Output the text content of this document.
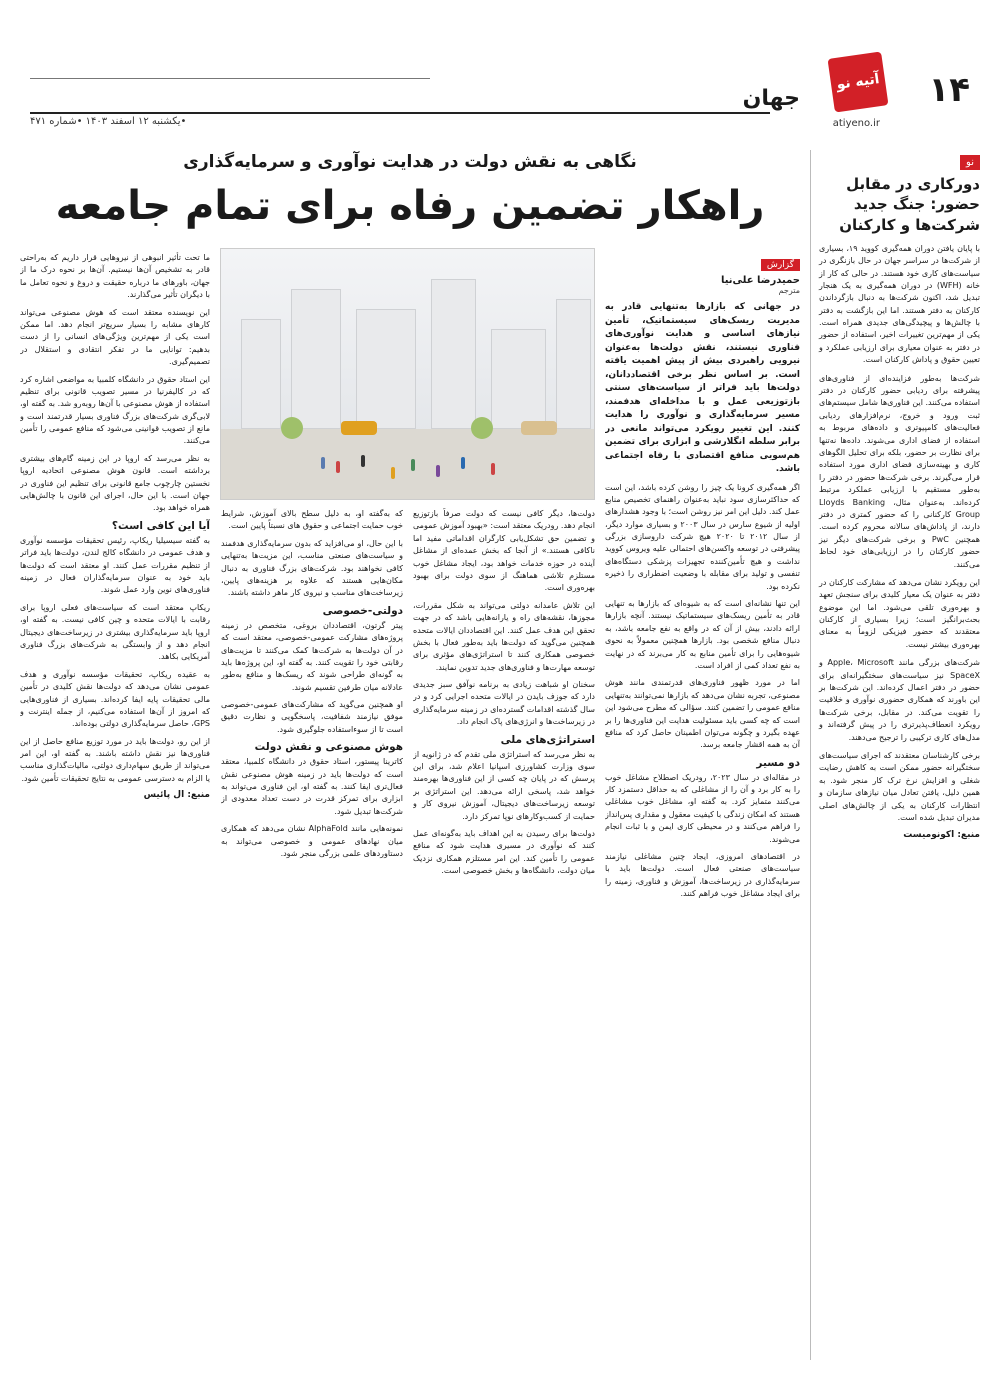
۱۴
آتیه نو
atiyeno.ir
جهان
•یکشنبه ۱۲ اسفند ۱۴۰۳ •شماره ۴۷۱
نو
دورکاری در مقابل حضور: جنگ جدید شرکت‌ها و کارکنان

با پایان یافتن دوران همه‌گیری کووید ۱۹، بسیاری از شرکت‌ها در سراسر جهان در حال بازنگری در سیاست‌های کاری خود هستند. در حالی که کار از خانه (WFH) در دوران همه‌گیری به یک هنجار تبدیل شد، اکنون شرکت‌ها به دنبال بازگرداندن کارکنان به دفتر هستند. اما این بازگشت به دفتر با چالش‌ها و پیچیدگی‌های جدیدی همراه است. یکی از مهم‌ترین تغییرات اخیر، استفاده از حضور در دفتر به عنوان معیاری برای ارزیابی عملکرد و تعیین حقوق و پاداش کارکنان است.

شرکت‌ها به‌طور فزاینده‌ای از فناوری‌های پیشرفته برای ردیابی حضور کارکنان در دفتر استفاده می‌کنند. این فناوری‌ها شامل سیستم‌های ثبت ورود و خروج، نرم‌افزارهای ردیابی فعالیت‌های کامپیوتری و داده‌های مربوط به استفاده از فضای اداری می‌شوند. داده‌ها نه‌تنها برای نظارت بر حضور، بلکه برای تحلیل الگوهای کاری و بهینه‌سازی فضای اداری مورد استفاده قرار می‌گیرند. برخی شرکت‌ها حضور در دفتر را به‌طور مستقیم با ارزیابی عملکرد مرتبط کرده‌اند. به‌عنوان مثال، Lloyds Banking Group کارکنانی را که حضور کمتری در دفتر دارند، از پاداش‌های سالانه محروم کرده است. همچنین PwC و برخی شرکت‌های دیگر نیز حضور کارکنان را در ارزیابی‌های خود لحاظ می‌کنند.

این رویکرد نشان می‌دهد که مشارکت کارکنان در دفتر به عنوان یک معیار کلیدی برای سنجش تعهد و بهره‌وری تلقی می‌شود. اما این موضوع بحث‌برانگیز است؛ زیرا بسیاری از کارکنان معتقدند که حضور فیزیکی لزوماً به معنای بهره‌وری بیشتر نیست.

شرکت‌های بزرگی مانند Apple، Microsoft و SpaceX نیز سیاست‌های سختگیرانه‌ای برای حضور در دفتر اعمال کرده‌اند. این شرکت‌ها بر این باورند که همکاری حضوری نوآوری و خلاقیت را تقویت می‌کند. در مقابل، برخی شرکت‌ها رویکرد انعطاف‌پذیرتری را در پیش گرفته‌اند و مدل‌های کاری ترکیبی را ترجیح می‌دهند.

برخی کارشناسان معتقدند که اجرای سیاست‌های سختگیرانه حضور ممکن است به کاهش رضایت شغلی و افزایش نرخ ترک کار منجر شود. به همین دلیل، یافتن تعادل میان نیازهای سازمان و انتظارات کارکنان به یکی از چالش‌های اصلی مدیران تبدیل شده است.

منبع: اکونومیست
نگاهی به نقش دولت در هدایت نوآوری و سرمایه‌گذاری
راهکار تضمین رفاه برای تمام جامعه
گزارش
حمیدرضا علی‌نیا
مترجم

در جهانی که بازارها به‌تنهایی قادر به مدیریت ریسک‌های سیستماتیک، تأمین نیازهای اساسی و هدایت نوآوری‌های فناوری نیستند، نقش دولت‌ها به‌عنوان نیرویی راهبردی بیش از پیش اهمیت یافته است. بر اساس نظر برخی اقتصاددانان، دولت‌ها باید فراتر از سیاست‌های سنتی بازتوزیعی عمل و با مداخله‌ای هدفمند، مسیر سرمایه‌گذاری و نوآوری را هدایت کنند. این تغییر رویکرد می‌تواند مانعی در برابر سلطه انگلارشی و ابزاری برای تضمین هم‌سویی منافع اقتصادی با رفاه اجتماعی باشد.

اگر همه‌گیری کرونا یک چیز را روشن کرده باشد، این است که حداکثرسازی سود نباید به‌عنوان راهنمای تخصیص منابع عمل کند. دلیل این امر نیز روشن است؛ با وجود هشدارهای اولیه از شیوع سارس در سال ۲۰۰۳ و بسیاری موارد دیگر، از سال ۲۰۱۲ تا ۲۰۲۰ هیچ شرکت داروسازی بزرگی پیشرفتی در توسعه واکسن‌های احتمالی علیه ویروس کووید نداشت و هیچ تأمین‌کننده تجهیزات پزشکی دستگاه‌های تنفسی و تولید برای مقابله با وضعیت اضطراری را ذخیره نکرده بود.

این تنها نشانه‌ای است که به شیوه‌ای که بازارها به تنهایی قادر به تأمین ریسک‌های سیستماتیک نیستند. آنچه بازارها ارائه دادند، بیش از آن که در واقع به نفع جامعه باشد، به دنبال منافع شخصی بود. بازارها همچنین معمولاً به نحوی شیوه‌هایی را برای تأمین منابع به کار می‌برند که در نهایت به نفع تعداد کمی از افراد است.

اما در مورد ظهور فناوری‌های قدرتمندی مانند هوش مصنوعی، تجربه نشان می‌دهد که بازارها نمی‌توانند به‌تنهایی منافع عمومی را تضمین کنند. سؤالی که مطرح می‌شود این است که چه کسی باید مسئولیت هدایت این فناوری‌ها را بر عهده بگیرد و چگونه می‌توان اطمینان حاصل کرد که منافع آن به همه اقشار جامعه برسد.

دو مسیر

در مقاله‌ای در سال ۲۰۲۳، رودریک اصطلاح مشاغل خوب را به کار برد و آن را از مشاغلی که به حداقل دستمزد کار می‌کنند متمایز کرد. به گفته او، مشاغل خوب مشاغلی هستند که امکان زندگی با کیفیت معقول و مقداری پس‌انداز را فراهم می‌کنند و در محیطی کاری ایمن و با ثبات انجام می‌شوند.

در اقتصادهای امروزی، ایجاد چنین مشاغلی نیازمند سیاست‌های صنعتی فعال است. دولت‌ها باید با سرمایه‌گذاری در زیرساخت‌ها، آموزش و فناوری، زمینه را برای ایجاد مشاغل خوب فراهم کنند.

دولت‌ها، دیگر کافی نیست که دولت صرفاً بازتوزیع انجام دهد. رودریک معتقد است: «بهبود آموزش عمومی و تضمین حق تشکل‌یابی کارگران اقداماتی مفید اما ناکافی هستند.» از آنجا که بخش عمده‌ای از مشاغل آینده در حوزه خدمات خواهد بود، ایجاد مشاغل خوب مستلزم تلاشی هماهنگ از سوی دولت برای بهبود بهره‌وری است.

این تلاش عامدانه دولتی می‌تواند به شکل مقررات، مجوزها، نقشه‌های راه و یارانه‌هایی باشد که در جهت تحقق این هدف عمل کنند. این اقتصاددان ایالات متحده همچنین می‌گوید که دولت‌ها باید به‌طور فعال با بخش خصوصی همکاری کنند تا استراتژی‌های مؤثری برای توسعه مهارت‌ها و فناوری‌های جدید تدوین نمایند.

سخنان او شباهت زیادی به برنامه نوآفق سبز جدیدی دارد که جوزف بایدن در ایالات متحده اجرایی کرد و در سال گذشته اقدامات گسترده‌ای در زمینه سرمایه‌گذاری در زیرساخت‌ها و انرژی‌های پاک انجام داد.

استراتژی‌های ملی

به نظر می‌رسد که استراتژی ملی تقدم که در ژانویه از سوی وزارت کشاورزی اسپانیا اعلام شد، برای این پرسش که در پایان چه کسی از این فناوری‌ها بهره‌مند خواهد شد، پاسخی ارائه می‌دهد. این استراتژی بر توسعه زیرساخت‌های دیجیتال، آموزش نیروی کار و حمایت از کسب‌وکارهای نوپا تمرکز دارد.

دولت‌ها برای رسیدن به این اهداف باید به‌گونه‌ای عمل کنند که نوآوری در مسیری هدایت شود که منافع عمومی را تأمین کند. این امر مستلزم همکاری نزدیک میان دولت، دانشگاه‌ها و بخش خصوصی است.

که به‌گفته او، به دلیل سطح بالای آموزش، شرایط خوب حمایت اجتماعی و حقوق های نسبتاً پایین است.

با این حال، او می‌افزاید که بدون سرمایه‌گذاری هدفمند و سیاست‌های صنعتی مناسب، این مزیت‌ها به‌تنهایی کافی نخواهند بود. شرکت‌های بزرگ فناوری به دنبال مکان‌هایی هستند که علاوه بر هزینه‌های پایین، زیرساخت‌های مناسب و نیروی کار ماهر داشته باشند.

دولتی-خصوصی

پیتر گرتون، اقتصاددان بروغی، متخصص در زمینه پروژه‌های مشارکت عمومی-خصوصی، معتقد است که در آن دولت‌ها به شرکت‌ها کمک می‌کنند تا مزیت‌های رقابتی خود را تقویت کنند. به گفته او، این پروژه‌ها باید به گونه‌ای طراحی شوند که ریسک‌ها و منافع به‌طور عادلانه میان طرفین تقسیم شوند.

او همچنین می‌گوید که مشارکت‌های عمومی-خصوصی موفق نیازمند شفافیت، پاسخگویی و نظارت دقیق است تا از سوءاستفاده جلوگیری شود.

هوش مصنوعی و نقش دولت

کاترینا پیستور، استاد حقوق در دانشگاه کلمبیا، معتقد است که دولت‌ها باید در زمینه هوش مصنوعی نقش فعال‌تری ایفا کنند. به گفته او، این فناوری می‌تواند به ابزاری برای تمرکز قدرت در دست تعداد معدودی از شرکت‌ها تبدیل شود.

نمونه‌هایی مانند AlphaFold نشان می‌دهد که همکاری میان نهادهای عمومی و خصوصی می‌تواند به دستاوردهای علمی بزرگی منجر شود.

ما تحت تأثیر انبوهی از نیروهایی قرار داریم که به‌راحتی قادر به تشخیص آن‌ها نیستیم. آن‌ها بر نحوه درک ما از جهان، باورهای ما درباره حقیقت و دروغ و نحوه تعامل ما با دیگران تأثیر می‌گذارند.

این نویسنده معتقد است که هوش مصنوعی می‌تواند کارهای مشابه را بسیار سریع‌تر انجام دهد. اما ممکن است یکی از مهم‌ترین ویژگی‌های انسانی را از دست بدهیم: توانایی ما در تفکر انتقادی و استقلال در تصمیم‌گیری.

این استاد حقوق در دانشگاه کلمبیا به مواضعی اشاره کرد که در کالیفرنیا در مسیر تصویب قانونی برای تنظیم استفاده از هوش مصنوعی با آن‌ها روبه‌رو شد. به گفته او، لابی‌گری شرکت‌های بزرگ فناوری بسیار قدرتمند است و مانع از تصویب قوانینی می‌شود که منافع عمومی را تأمین می‌کنند.

به نظر می‌رسد که اروپا در این زمینه گام‌های بیشتری برداشته است. قانون هوش مصنوعی اتحادیه اروپا نخستین چارچوب جامع قانونی برای تنظیم این فناوری در جهان است. با این حال، اجرای این قانون با چالش‌هایی همراه خواهد بود.

آیا این کافی است؟

به گفته سیسیلیا ریکاپ، رئیس تحقیقات مؤسسه نوآوری و هدف عمومی در دانشگاه کالج لندن، دولت‌ها باید فراتر از تنظیم مقررات عمل کنند. او معتقد است که دولت‌ها باید خود به عنوان سرمایه‌گذاران فعال در زمینه فناوری‌های نوین وارد عمل شوند.

ریکاپ معتقد است که سیاست‌های فعلی اروپا برای رقابت با ایالات متحده و چین کافی نیست. به گفته او، اروپا باید سرمایه‌گذاری بیشتری در زیرساخت‌های دیجیتال انجام دهد و از وابستگی به شرکت‌های بزرگ فناوری آمریکایی بکاهد.

به عقیده ریکاپ، تحقیقات مؤسسه نوآوری و هدف عمومی نشان می‌دهد که دولت‌ها نقش کلیدی در تأمین مالی تحقیقات پایه ایفا کرده‌اند. بسیاری از فناوری‌هایی که امروز از آن‌ها استفاده می‌کنیم، از جمله اینترنت و GPS، حاصل سرمایه‌گذاری دولتی بوده‌اند.

از این رو، دولت‌ها باید در مورد توزیع منافع حاصل از این فناوری‌ها نیز نقش داشته باشند. به گفته او، این امر می‌تواند از طریق سهام‌داری دولتی، مالیات‌گذاری مناسب یا الزام به دسترسی عمومی به نتایج تحقیقات تأمین شود.

منبع: ال پائیس
